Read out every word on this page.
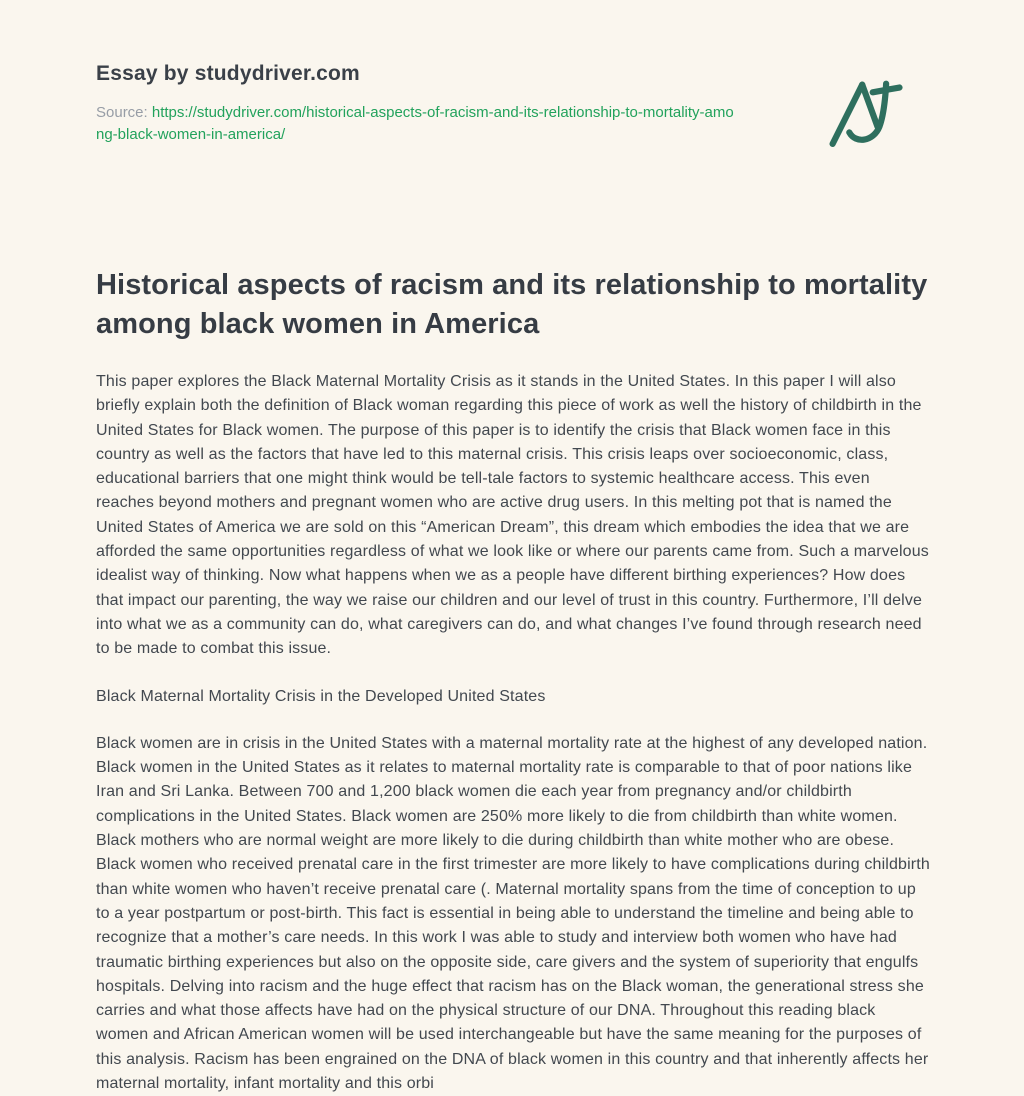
Essay by studydriver.com

Source: https://studydriver.com/historical-aspects-of-racism-and-its-relationship-to-mortality-among-black-women-in-america/

Historical aspects of racism and its relationship to mortality among black women in America

This paper explores the Black Maternal Mortality Crisis as it stands in the United States. In this paper I will also briefly explain both the definition of Black woman regarding this piece of work as well the history of childbirth in the United States for Black women. The purpose of this paper is to identify the crisis that Black women face in this country as well as the factors that have led to this maternal crisis. This crisis leaps over socioeconomic, class, educational barriers that one might think would be tell-tale factors to systemic healthcare access. This even reaches beyond mothers and pregnant women who are active drug users. In this melting pot that is named the United States of America we are sold on this “American Dream”, this dream which embodies the idea that we are afforded the same opportunities regardless of what we look like or where our parents came from. Such a marvelous idealist way of thinking. Now what happens when we as a people have different birthing experiences? How does that impact our parenting, the way we raise our children and our level of trust in this country. Furthermore, I’ll delve into what we as a community can do, what caregivers can do, and what changes I’ve found through research need to be made to combat this issue.

Black Maternal Mortality Crisis in the Developed United States

Black women are in crisis in the United States with a maternal mortality rate at the highest of any developed nation. Black women in the United States as it relates to maternal mortality rate is comparable to that of poor nations like Iran and Sri Lanka. Between 700 and 1,200 black women die each year from pregnancy and/or childbirth complications in the United States. Black women are 250% more likely to die from childbirth than white women. Black mothers who are normal weight are more likely to die during childbirth than white mother who are obese. Black women who received prenatal care in the first trimester are more likely to have complications during childbirth than white women who haven’t receive prenatal care (. Maternal mortality spans from the time of conception to up to a year postpartum or post-birth. This fact is essential in being able to understand the timeline and being able to recognize that a mother’s care needs. In this work I was able to study and interview both women who have had traumatic birthing experiences but also on the opposite side, care givers and the system of superiority that engulfs hospitals. Delving into racism and the huge effect that racism has on the Black woman, the generational stress she carries and what those affects have had on the physical structure of our DNA. Throughout this reading black women and African American women will be used interchangeable but have the same meaning for the purposes of this analysis. Racism has been engrained on the DNA of black women in this country and that inherently affects her maternal mortality, infant mortality and this orbi
